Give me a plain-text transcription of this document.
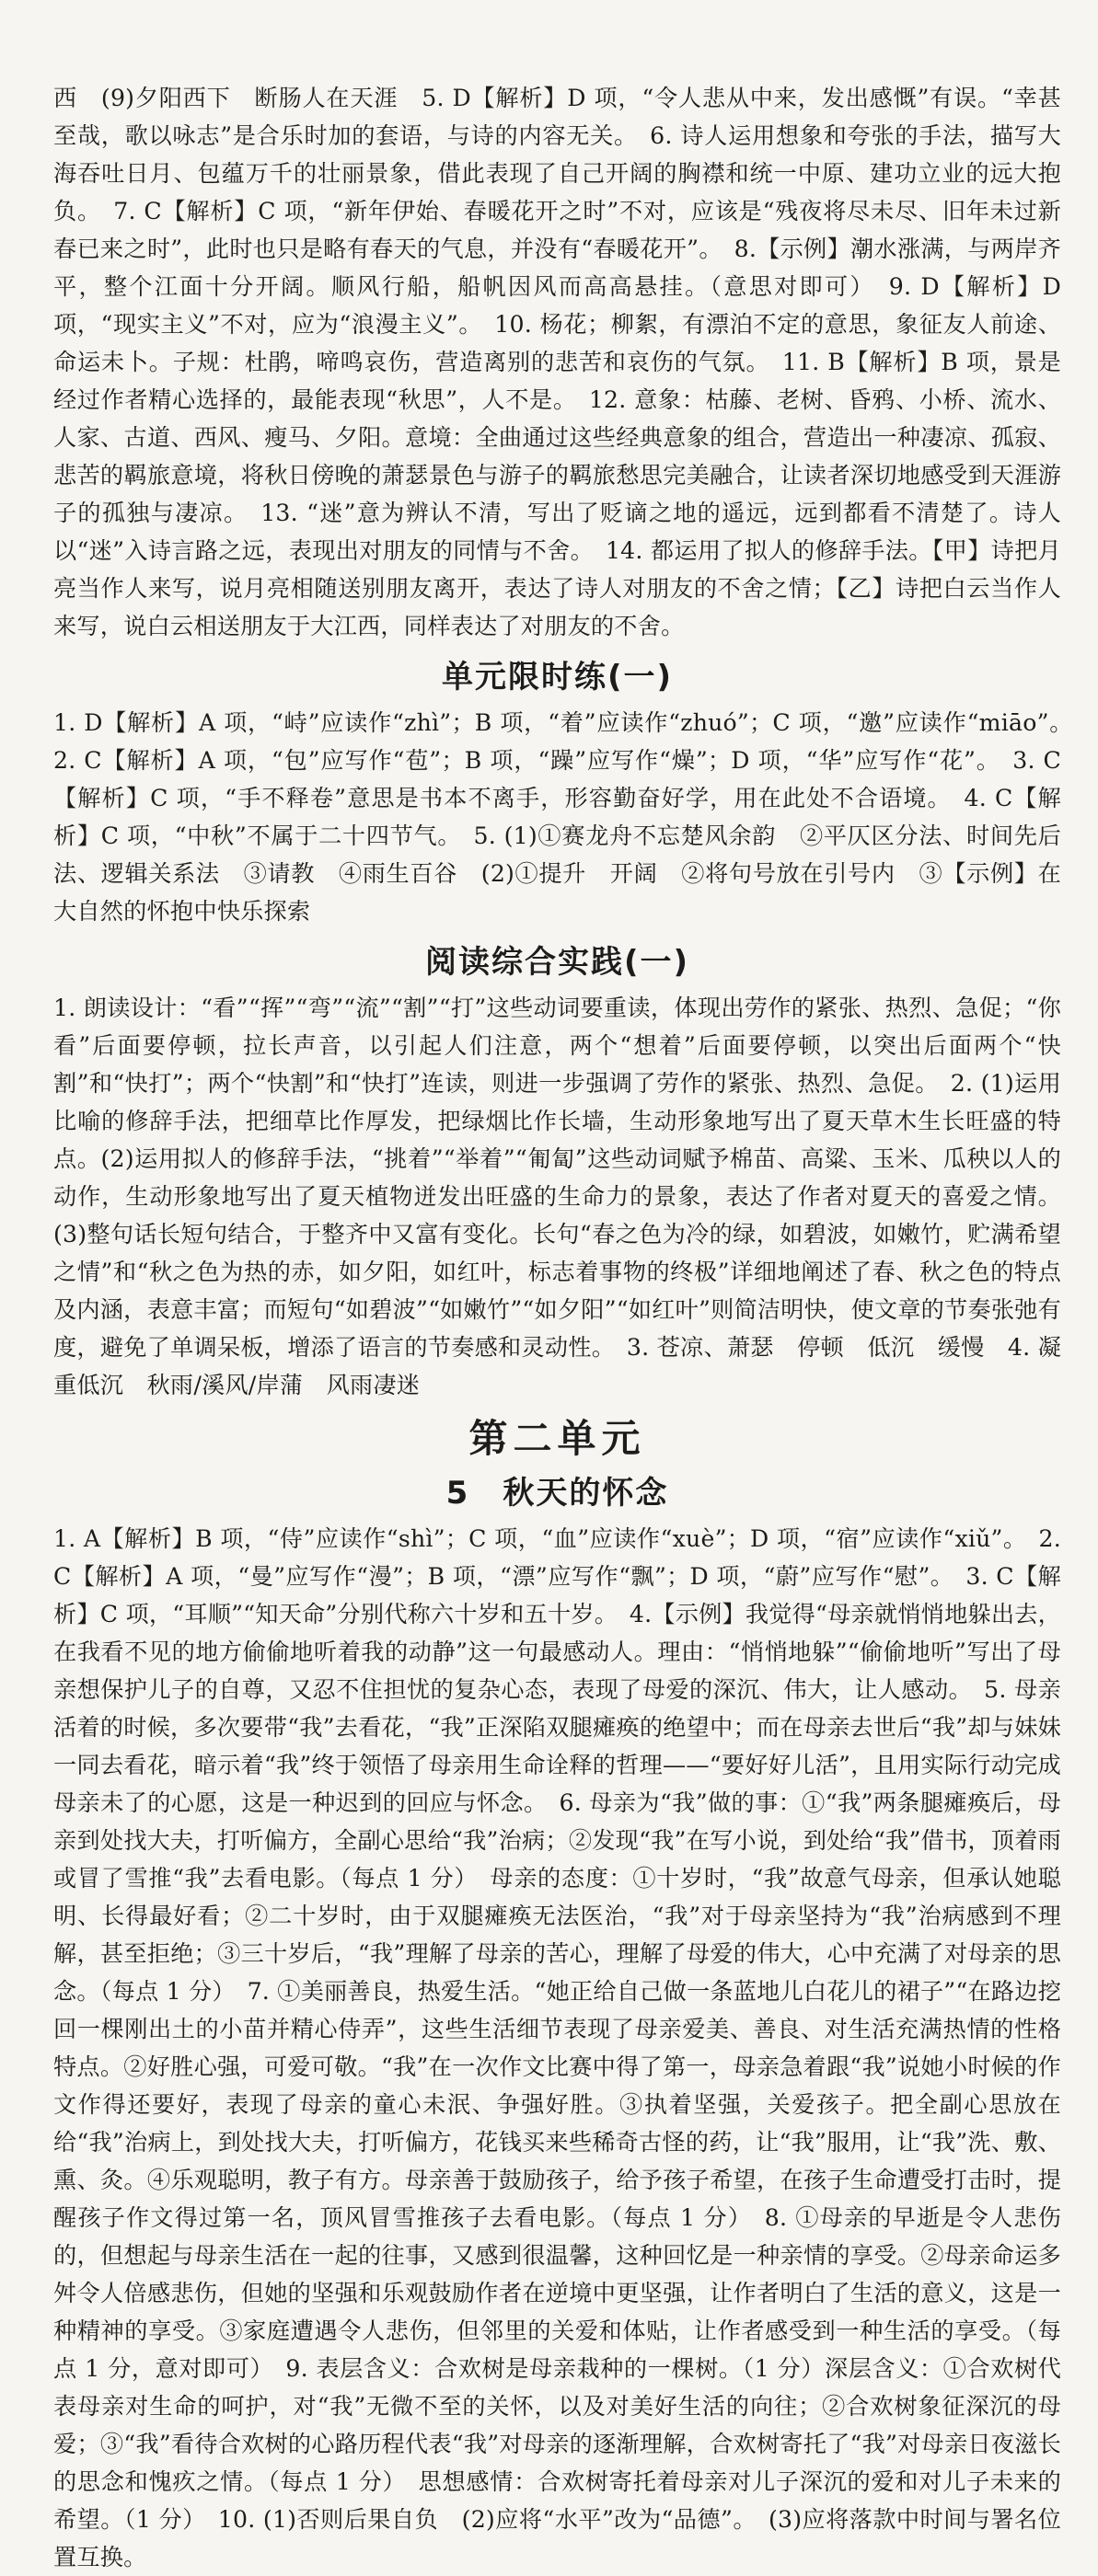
西　(9)夕阳西下　断肠人在天涯　5. D【解析】D 项，“令人悲从中来，发出感慨”有误。“幸甚至哉，歌以咏志”是合乐时加的套语，与诗的内容无关。　6. 诗人运用想象和夸张的手法，描写大海吞吐日月、包蕴万千的壮丽景象，借此表现了自己开阔的胸襟和统一中原、建功立业的远大抱负。　7. C【解析】C 项，“新年伊始、春暖花开之时”不对，应该是“残夜将尽未尽、旧年未过新春已来之时”，此时也只是略有春天的气息，并没有“春暖花开”。　8.【示例】潮水涨满，与两岸齐平，整个江面十分开阔。顺风行船，船帆因风而高高悬挂。（意思对即可）　9. D【解析】D 项，“现实主义”不对，应为“浪漫主义”。　10. 杨花；柳絮，有漂泊不定的意思，象征友人前途、命运未卜。子规：杜鹃，啼鸣哀伤，营造离别的悲苦和哀伤的气氛。　11. B【解析】B 项，景是经过作者精心选择的，最能表现“秋思”，人不是。　12. 意象：枯藤、老树、昏鸦、小桥、流水、人家、古道、西风、瘦马、夕阳。意境：全曲通过这些经典意象的组合，营造出一种凄凉、孤寂、悲苦的羁旅意境，将秋日傍晚的萧瑟景色与游子的羁旅愁思完美融合，让读者深切地感受到天涯游子的孤独与凄凉。　13. “迷”意为辨认不清，写出了贬谪之地的遥远，远到都看不清楚了。诗人以“迷”入诗言路之远，表现出对朋友的同情与不舍。　14. 都运用了拟人的修辞手法。【甲】诗把月亮当作人来写，说月亮相随送别朋友离开，表达了诗人对朋友的不舍之情；【乙】诗把白云当作人来写，说白云相送朋友于大江西，同样表达了对朋友的不舍。

单元限时练(一)

1. D【解析】A 项，“峙”应读作“zhì”；B 项，“着”应读作“zhuó”；C 项，“邀”应读作“miāo”。　2. C【解析】A 项，“包”应写作“苞”；B 项，“躁”应写作“燥”；D 项，“华”应写作“花”。　3. C【解析】C 项，“手不释卷”意思是书本不离手，形容勤奋好学，用在此处不合语境。　4. C【解析】C 项，“中秋”不属于二十四节气。　5. (1)①赛龙舟不忘楚风余韵　②平仄区分法、时间先后法、逻辑关系法　③请教　④雨生百谷　(2)①提升　开阔　②将句号放在引号内　③【示例】在大自然的怀抱中快乐探索

阅读综合实践(一)

1. 朗读设计：“看”“挥”“弯”“流”“割”“打”这些动词要重读，体现出劳作的紧张、热烈、急促；“你看”后面要停顿，拉长声音，以引起人们注意，两个“想着”后面要停顿，以突出后面两个“快割”和“快打”；两个“快割”和“快打”连读，则进一步强调了劳作的紧张、热烈、急促。　2. (1)运用比喻的修辞手法，把细草比作厚发，把绿烟比作长墙，生动形象地写出了夏天草木生长旺盛的特点。(2)运用拟人的修辞手法，“挑着”“举着”“匍匐”这些动词赋予棉苗、高粱、玉米、瓜秧以人的动作，生动形象地写出了夏天植物迸发出旺盛的生命力的景象，表达了作者对夏天的喜爱之情。(3)整句话长短句结合，于整齐中又富有变化。长句“春之色为冷的绿，如碧波，如嫩竹，贮满希望之情”和“秋之色为热的赤，如夕阳，如红叶，标志着事物的终极”详细地阐述了春、秋之色的特点及内涵，表意丰富；而短句“如碧波”“如嫩竹”“如夕阳”“如红叶”则简洁明快，使文章的节奏张弛有度，避免了单调呆板，增添了语言的节奏感和灵动性。　3. 苍凉、萧瑟　停顿　低沉　缓慢　4. 凝重低沉　秋雨/溪风/岸蒲　风雨凄迷

第二单元
5　秋天的怀念

1. A【解析】B 项，“侍”应读作“shì”；C 项，“血”应读作“xuè”；D 项，“宿”应读作“xiǔ”。　2. C【解析】A 项，“曼”应写作“漫”；B 项，“漂”应写作“飘”；D 项，“蔚”应写作“慰”。　3. C【解析】C 项，“耳顺”“知天命”分别代称六十岁和五十岁。　4.【示例】我觉得“母亲就悄悄地躲出去，在我看不见的地方偷偷地听着我的动静”这一句最感动人。理由：“悄悄地躲”“偷偷地听”写出了母亲想保护儿子的自尊，又忍不住担忧的复杂心态，表现了母爱的深沉、伟大，让人感动。　5. 母亲活着的时候，多次要带“我”去看花，“我”正深陷双腿瘫痪的绝望中；而在母亲去世后“我”却与妹妹一同去看花，暗示着“我”终于领悟了母亲用生命诠释的哲理——“要好好儿活”，且用实际行动完成母亲未了的心愿，这是一种迟到的回应与怀念。　6. 母亲为“我”做的事：①“我”两条腿瘫痪后，母亲到处找大夫，打听偏方，全副心思给“我”治病；②发现“我”在写小说，到处给“我”借书，顶着雨或冒了雪推“我”去看电影。（每点 1 分）　母亲的态度：①十岁时，“我”故意气母亲，但承认她聪明、长得最好看；②二十岁时，由于双腿瘫痪无法医治，“我”对于母亲坚持为“我”治病感到不理解，甚至拒绝；③三十岁后，“我”理解了母亲的苦心，理解了母爱的伟大，心中充满了对母亲的思念。（每点 1 分）　7. ①美丽善良，热爱生活。“她正给自己做一条蓝地儿白花儿的裙子”“在路边挖回一棵刚出土的小苗并精心侍弄”，这些生活细节表现了母亲爱美、善良、对生活充满热情的性格特点。②好胜心强，可爱可敬。“我”在一次作文比赛中得了第一，母亲急着跟“我”说她小时候的作文作得还要好，表现了母亲的童心未泯、争强好胜。③执着坚强，关爱孩子。把全副心思放在给“我”治病上，到处找大夫，打听偏方，花钱买来些稀奇古怪的药，让“我”服用，让“我”洗、敷、熏、灸。④乐观聪明，教子有方。母亲善于鼓励孩子，给予孩子希望，在孩子生命遭受打击时，提醒孩子作文得过第一名，顶风冒雪推孩子去看电影。（每点 1 分）　8. ①母亲的早逝是令人悲伤的，但想起与母亲生活在一起的往事，又感到很温馨，这种回忆是一种亲情的享受。②母亲命运多舛令人倍感悲伤，但她的坚强和乐观鼓励作者在逆境中更坚强，让作者明白了生活的意义，这是一种精神的享受。③家庭遭遇令人悲伤，但邻里的关爱和体贴，让作者感受到一种生活的享受。（每点 1 分，意对即可）　9. 表层含义：合欢树是母亲栽种的一棵树。（1 分）深层含义：①合欢树代表母亲对生命的呵护，对“我”无微不至的关怀，以及对美好生活的向往；②合欢树象征深沉的母爱；③“我”看待合欢树的心路历程代表“我”对母亲的逐渐理解，合欢树寄托了“我”对母亲日夜滋长的思念和愧疚之情。（每点 1 分）　思想感情：合欢树寄托着母亲对儿子深沉的爱和对儿子未来的希望。（1 分）　10. (1)否则后果自负　(2)应将“水平”改为“品德”。　(3)应将落款中时间与署名位置互换。
